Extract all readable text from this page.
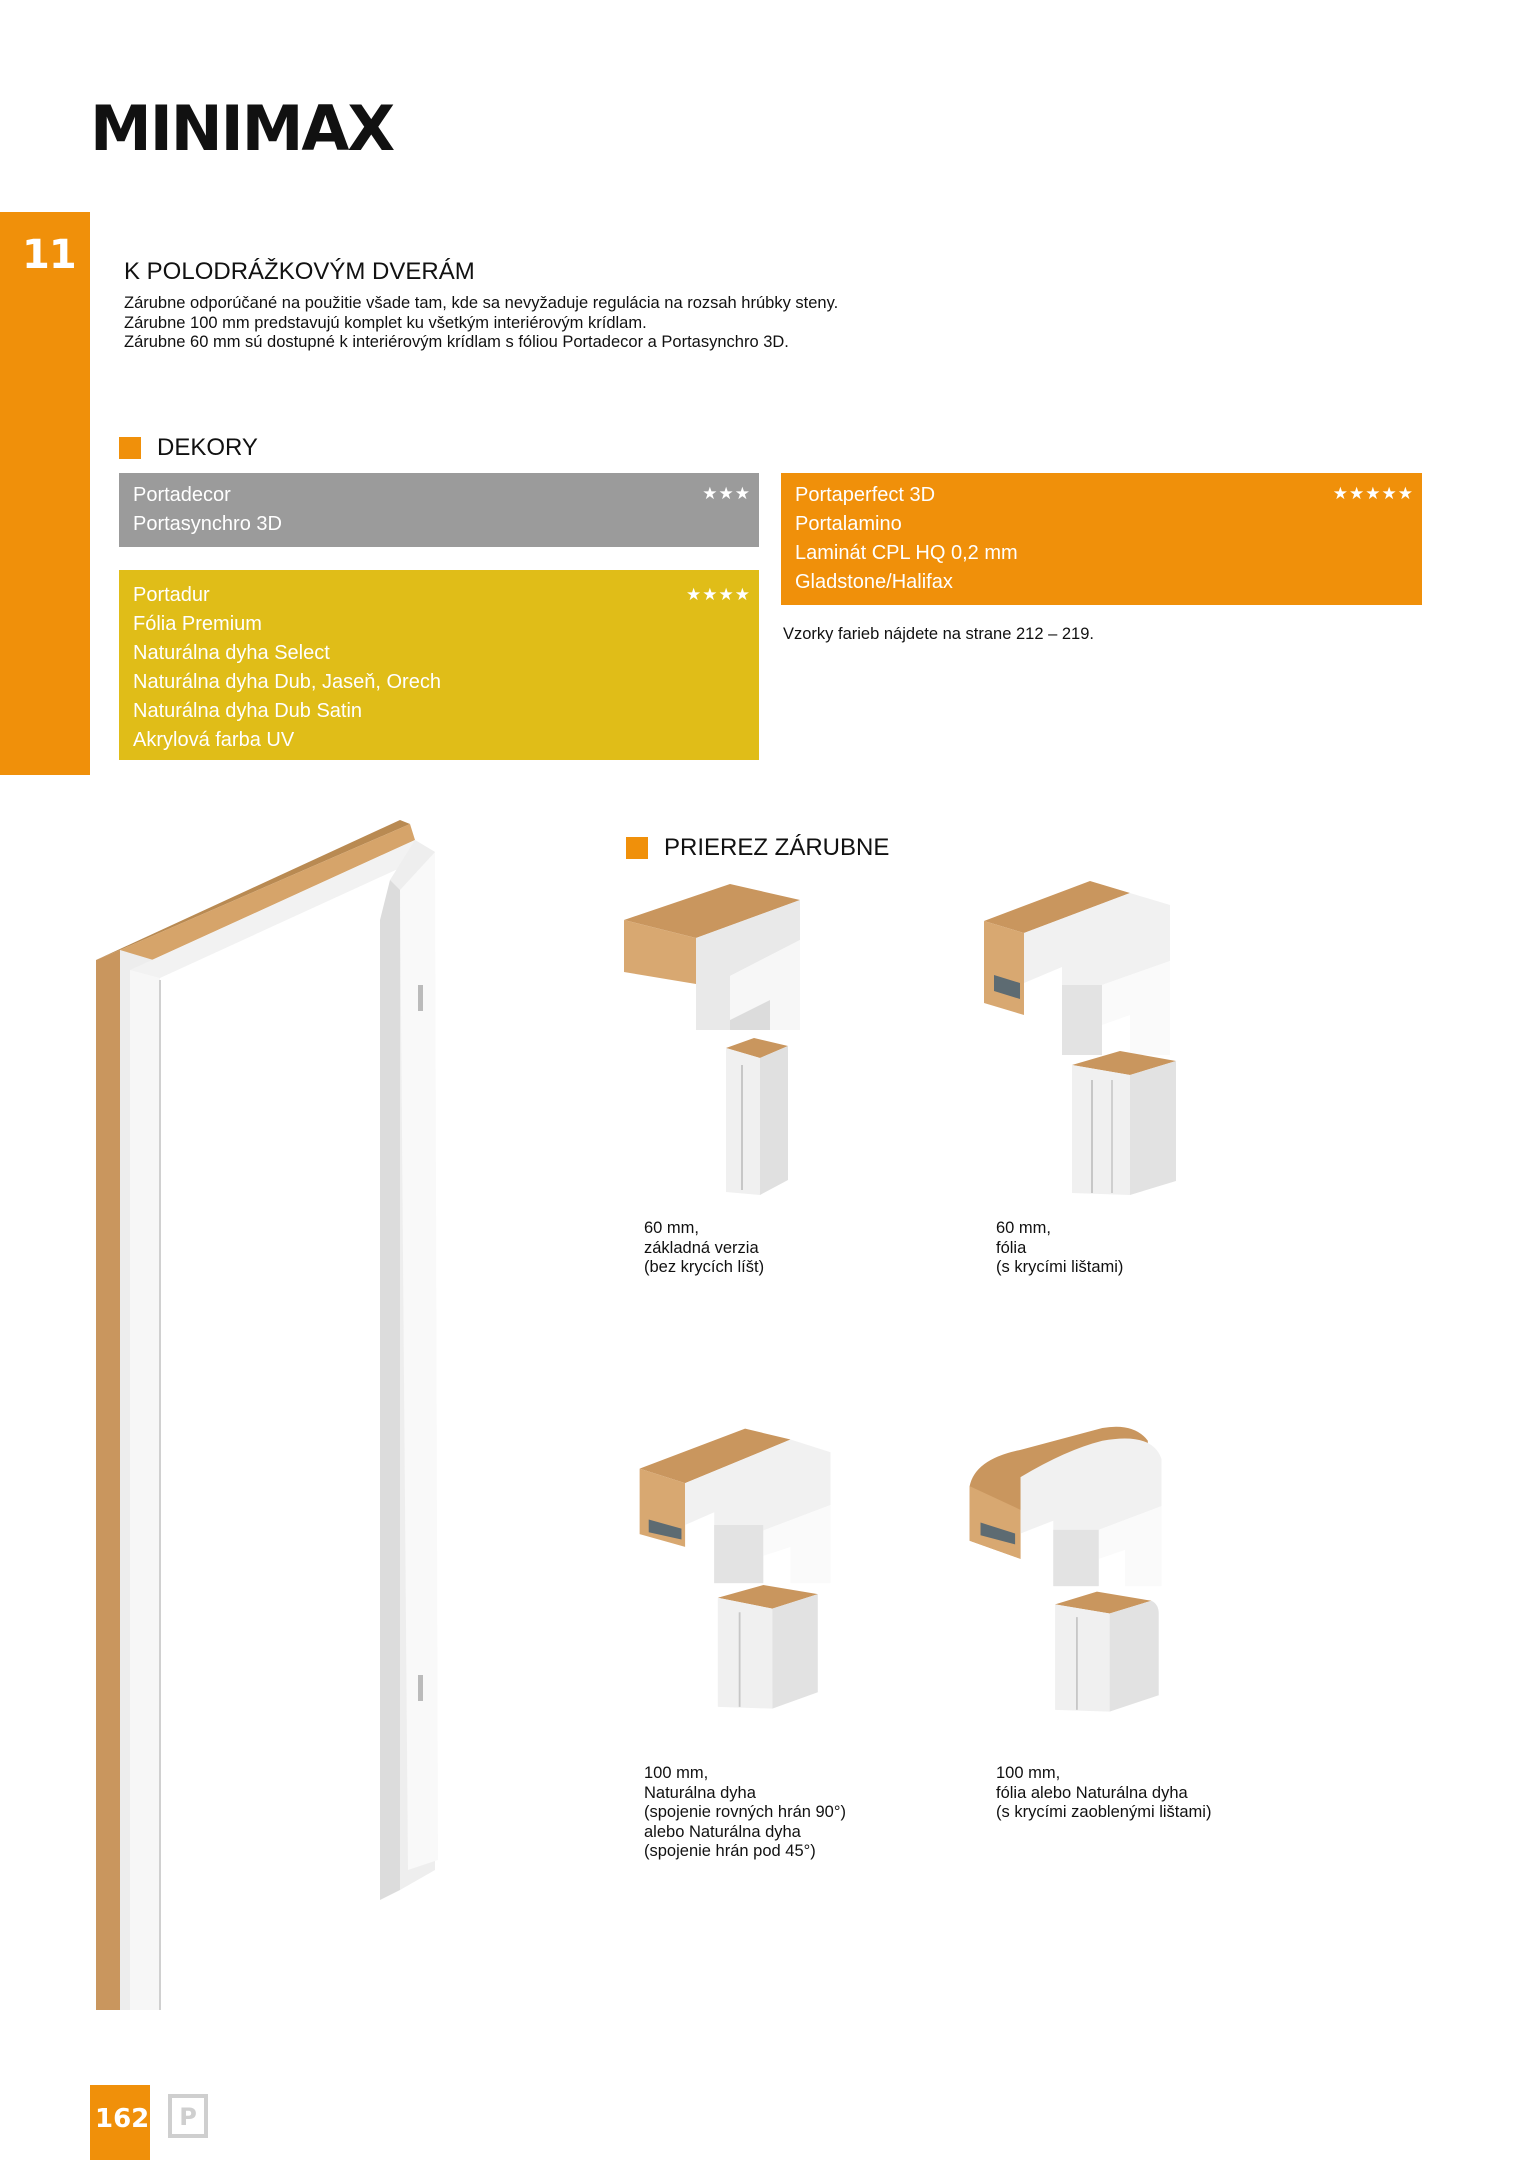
MINIMAX
11 K POLODRÁŽKOVÝM DVERÁM
Zárubne odporúčané na použitie všade tam, kde sa nevyžaduje regulácia na rozsah hrúbky steny.
Zárubne 100 mm predstavujú komplet ku všetkým interiérovým krídlam.
Zárubne 60 mm sú dostupné k interiérovým krídlam s fóliou Portadecor a Portasynchro 3D.
DEKORY
★★★
Portadecor
Portasynchro 3D
★★★★
Portadur
Fólia Premium
Naturálna dyha Select
Naturálna dyha Dub, Jaseň, Orech
Naturálna dyha Dub Satin
Akrylová farba UV
★★★★★
Portaperfect 3D
Portalamino
Laminát CPL HQ 0,2 mm
Gladstone/Halifax
Vzorky farieb nájdete na strane 212 – 219.
PRIEREZ ZÁRUBNE
60 mm,
základná verzia
(bez krycích líšt)
60 mm,
fólia
(s krycími lištami)
100 mm,
Naturálna dyha
(spojenie rovných hrán 90°)
alebo Naturálna dyha
(spojenie hrán pod 45°)
100 mm,
fólia alebo Naturálna dyha
(s krycími zaoblenými lištami)
162 P
